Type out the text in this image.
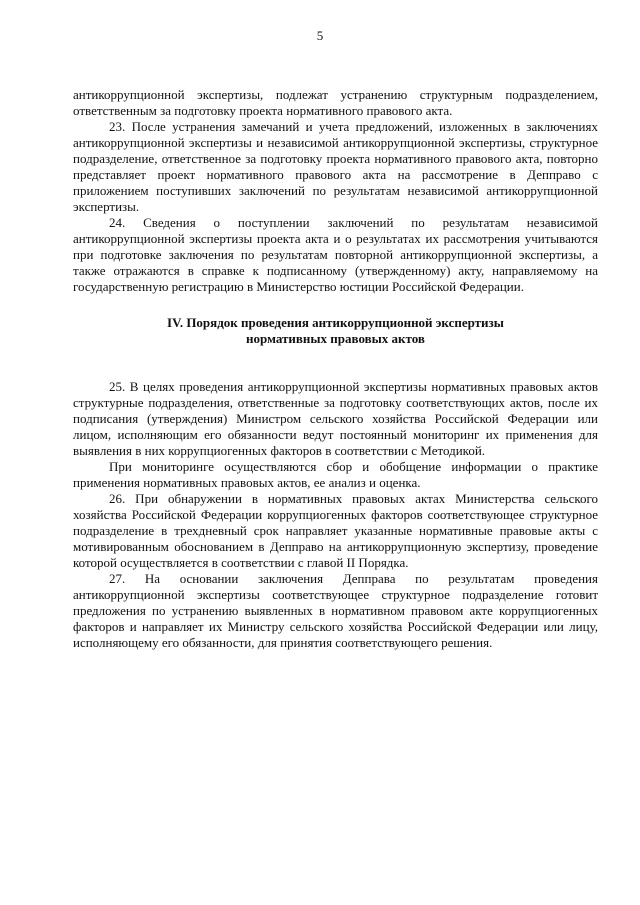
5

антикоррупционной экспертизы, подлежат устранению структурным подразделением, ответственным за подготовку проекта нормативного правового акта.

23. После устранения замечаний и учета предложений, изложенных в заключениях антикоррупционной экспертизы и независимой антикоррупционной экспертизы, структурное подразделение, ответственное за подготовку проекта нормативного правового акта, повторно представляет проект нормативного правового акта на рассмотрение в Депправо с приложением поступивших заключений по результатам независимой антикоррупционной экспертизы.

24. Сведения о поступлении заключений по результатам независимой антикоррупционной экспертизы проекта акта и о результатах их рассмотрения учитываются при подготовке заключения по результатам повторной антикоррупционной экспертизы, а также отражаются в справке к подписанному (утвержденному) акту, направляемому на государственную регистрацию в Министерство юстиции Российской Федерации.

IV. Порядок проведения антикоррупционной экспертизы
нормативных правовых актов

25. В целях проведения антикоррупционной экспертизы нормативных правовых актов структурные подразделения, ответственные за подготовку соответствующих актов, после их подписания (утверждения) Министром сельского хозяйства Российской Федерации или лицом, исполняющим его обязанности ведут постоянный мониторинг их применения для выявления в них коррупциогенных факторов в соответствии с Методикой.

При мониторинге осуществляются сбор и обобщение информации о практике применения нормативных правовых актов, ее анализ и оценка.

26. При обнаружении в нормативных правовых актах Министерства сельского хозяйства Российской Федерации коррупциогенных факторов соответствующее структурное подразделение в трехдневный срок направляет указанные нормативные правовые акты с мотивированным обоснованием в Депправо на антикоррупционную экспертизу, проведение которой осуществляется в соответствии с главой II Порядка.

27. На основании заключения Депправа по результатам проведения антикоррупционной экспертизы соответствующее структурное подразделение готовит предложения по устранению выявленных в нормативном правовом акте коррупциогенных факторов и направляет их Министру сельского хозяйства Российской Федерации или лицу, исполняющему его обязанности, для принятия соответствующего решения.
